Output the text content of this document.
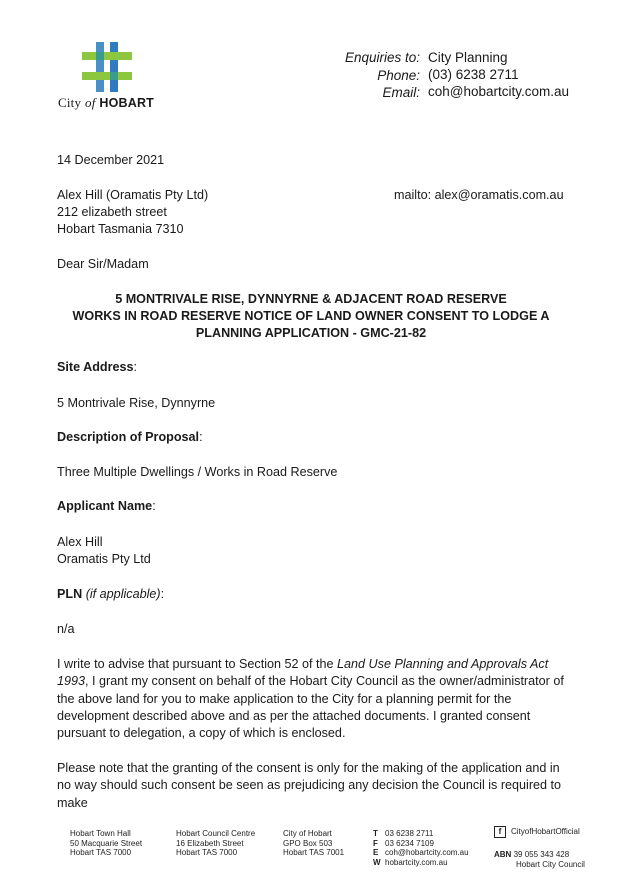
City of HOBART
Enquiries to: City Planning
Phone: (03) 6238 2711
Email: coh@hobartcity.com.au
14 December 2021
Alex Hill (Oramatis Pty Ltd)
212 elizabeth street
Hobart Tasmania 7310
mailto: alex@oramatis.com.au
Dear Sir/Madam
5 MONTRIVALE RISE, DYNNYRNE & ADJACENT ROAD RESERVE
WORKS IN ROAD RESERVE NOTICE OF LAND OWNER CONSENT TO LODGE A
PLANNING APPLICATION - GMC-21-82
Site Address:
5 Montrivale Rise, Dynnyrne
Description of Proposal:
Three Multiple Dwellings / Works in Road Reserve
Applicant Name:
Alex Hill
Oramatis Pty Ltd
PLN (if applicable):
n/a
I write to advise that pursuant to Section 52 of the Land Use Planning and Approvals Act 1993, I grant my consent on behalf of the Hobart City Council as the owner/administrator of the above land for you to make application to the City for a planning permit for the development described above and as per the attached documents. I granted consent pursuant to delegation, a copy of which is enclosed.
Please note that the granting of the consent is only for the making of the application and in no way should such consent be seen as prejudicing any decision the Council is required to make
Hobart Town Hall
50 Macquarie Street
Hobart TAS 7000
Hobart Council Centre
16 Elizabeth Street
Hobart TAS 7000
City of Hobart
GPO Box 503
Hobart TAS 7001
T 03 6238 2711
F 03 6234 7109
E coh@hobartcity.com.au
W hobartcity.com.au
f	CityofHobartOfficial
ABN 39 055 343 428
Hobart City Council
